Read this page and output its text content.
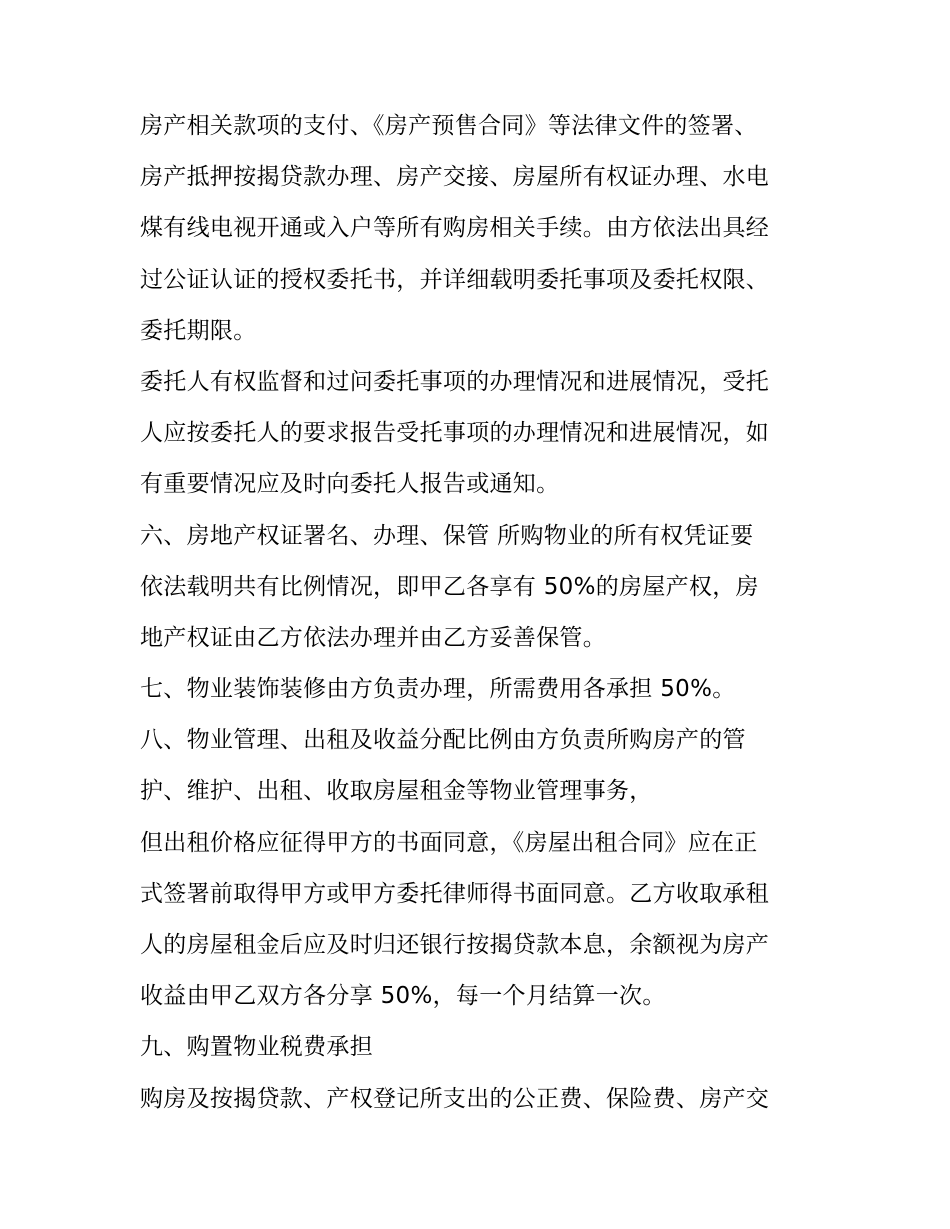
房产相关款项的支付、《房产预售合同》等法律文件的签署、
房产抵押按揭贷款办理、房产交接、房屋所有权证办理、水电
煤有线电视开通或入户等所有购房相关手续。由方依法出具经
过公证认证的授权委托书，并详细载明委托事项及委托权限、
委托期限。
委托人有权监督和过问委托事项的办理情况和进展情况，受托
人应按委托人的要求报告受托事项的办理情况和进展情况，如
有重要情况应及时向委托人报告或通知。
六、房地产权证署名、办理、保管 所购物业的所有权凭证要
依法载明共有比例情况，即甲乙各享有 50%的房屋产权，房
地产权证由乙方依法办理并由乙方妥善保管。
七、物业装饰装修由方负责办理，所需费用各承担 50%。
八、物业管理、出租及收益分配比例由方负责所购房产的管
护、维护、出租、收取房屋租金等物业管理事务，
但出租价格应征得甲方的书面同意，《房屋出租合同》应在正
式签署前取得甲方或甲方委托律师得书面同意。乙方收取承租
人的房屋租金后应及时归还银行按揭贷款本息，余额视为房产
收益由甲乙双方各分享 50%，每一个月结算一次。
九、购置物业税费承担
购房及按揭贷款、产权登记所支出的公正费、保险费、房产交
